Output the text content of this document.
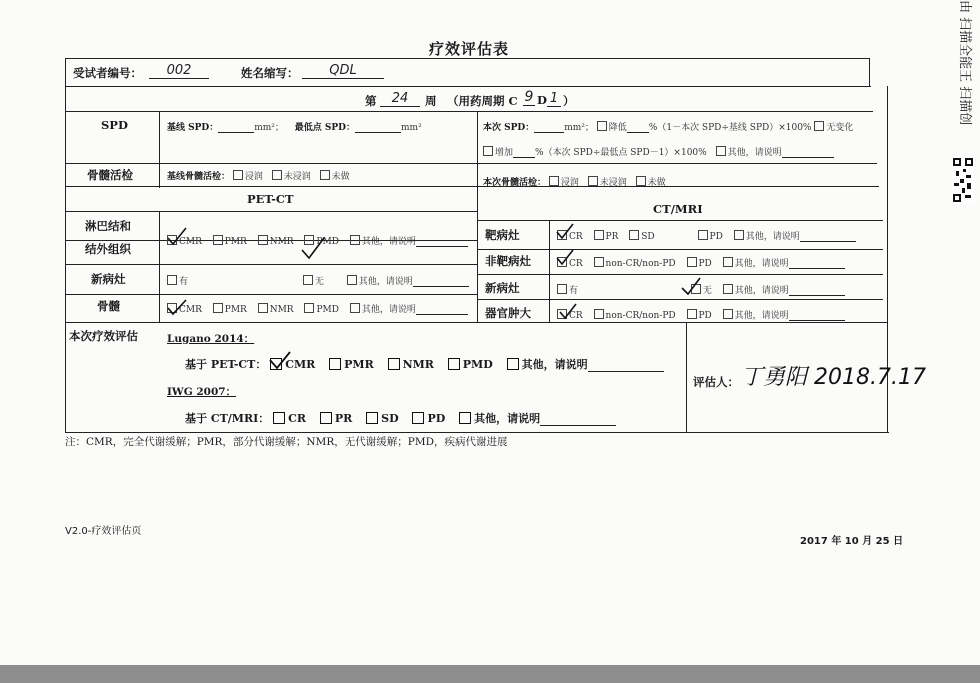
疗效评估表
受试者编号：	002	姓名缩写：	QDL
第	24	周 （用药周期 C 9 D 1 ）
SPD	基线 SPD：	mm²； 最低点 SPD：	mm²	本次 SPD：	mm²； 降低 %（1－本次 SPD÷基线 SPD）×100% 无变化
增加 %（本次 SPD÷最低点 SPD－1）×100% 其他，请说明
骨髓活检	基线骨髓活检： 浸润 未浸润 未做
本次骨髓活检： 浸润 未浸润 未做
PET-CT
CT/MRI
淋巴结和
结外组织	CMR	PMR	NMR	PMD	其他，请说明
新病灶	有	无	其他，请说明
骨髓	CMR	PMR	NMR	PMD	其他，请说明
靶病灶	CR	PR	SD	PD	其他，请说明
非靶病灶	CR	non-CR/non-PD	PD	其他，请说明
新病灶	有	无	其他，请说明
器官肿大	CR	non-CR/non-PD	PD	其他，请说明
本次疗效评估	Lugano 2014：
基于 PET-CT： CMR	PMR	NMR	PMD	其他，请说明
IWG 2007：
基于 CT/MRI： CR	PR	SD	PD	其他，请说明
评估人： 丁勇阳 2018.7.17
注：CMR，完全代谢缓解；PMR，部分代谢缓解；NMR，无代谢缓解；PMD，疾病代谢进展
V2.0-疗效评估页
2017 年 10 月 25 日
由 扫描全能王 扫描创
